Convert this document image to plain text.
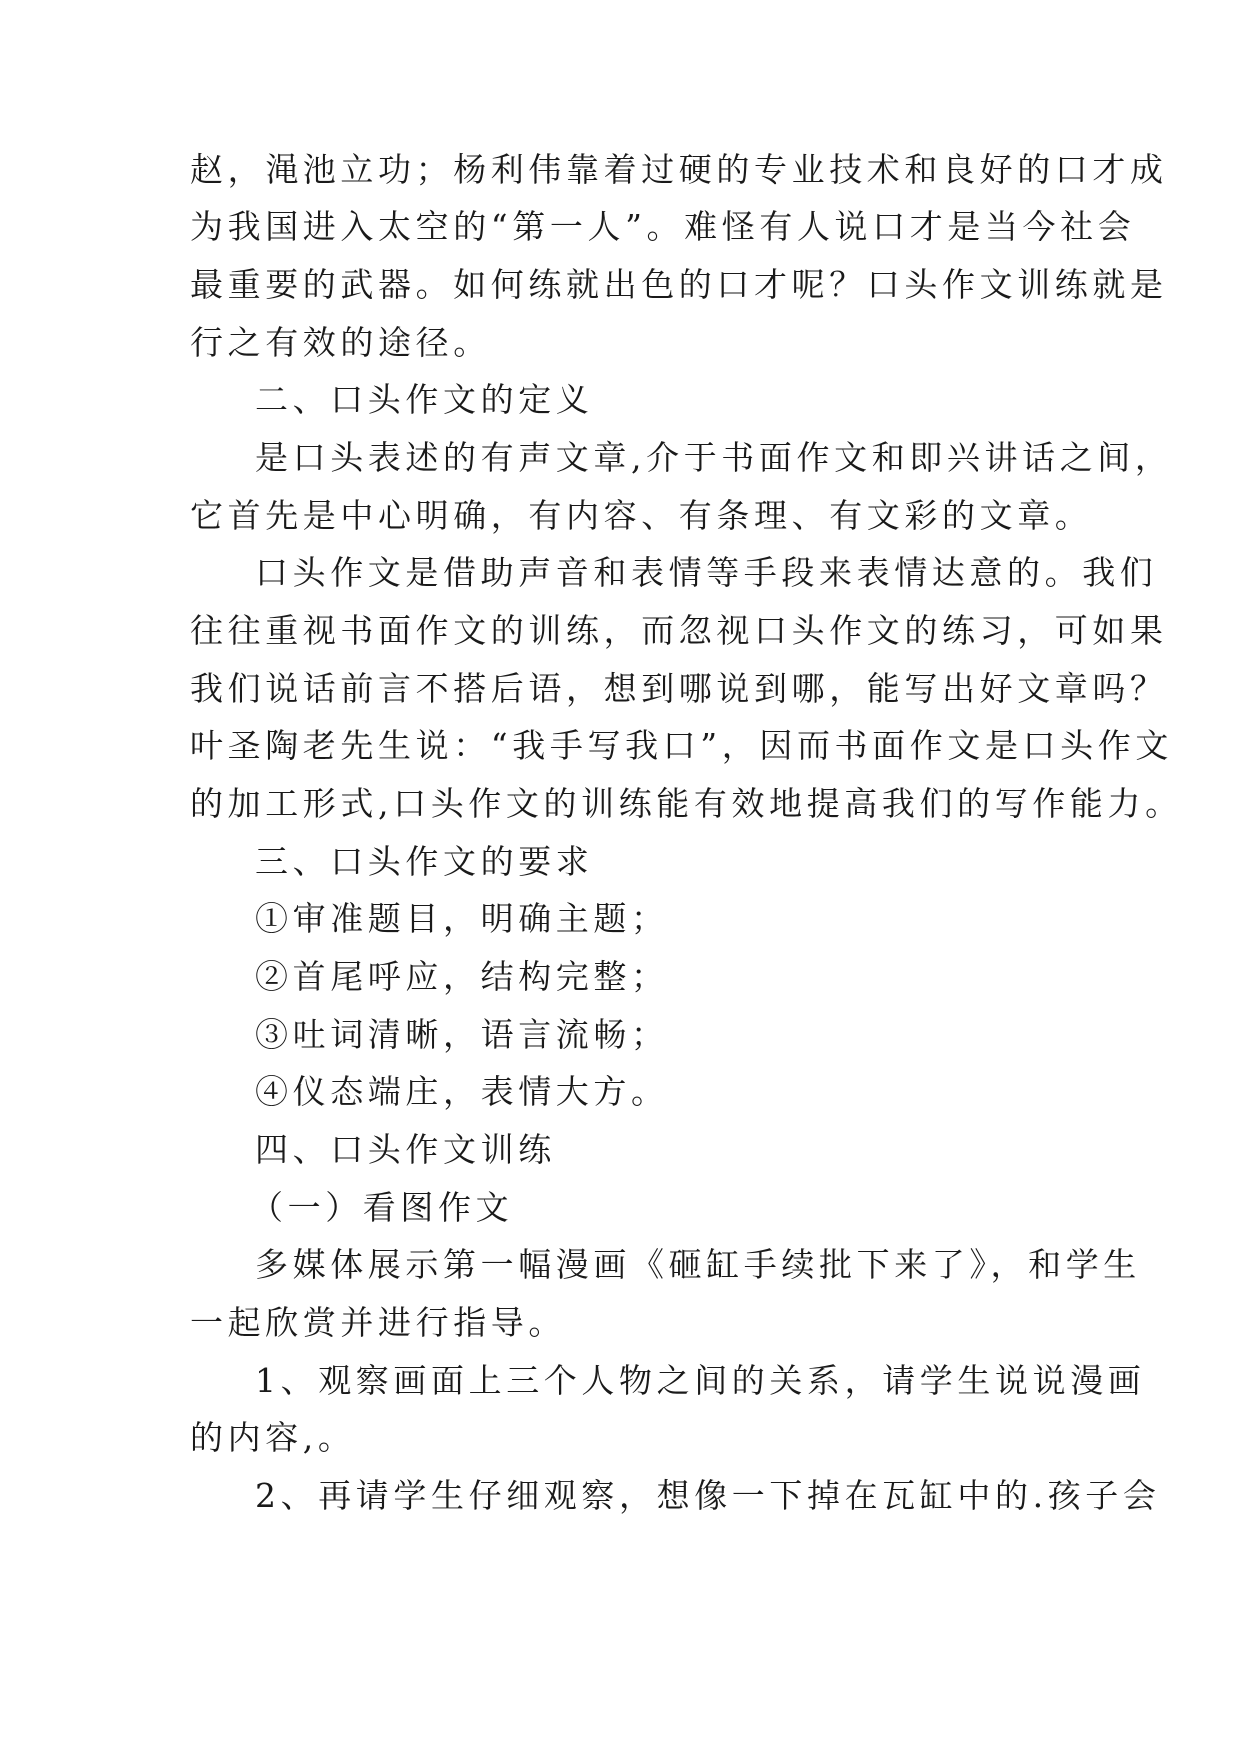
赵，渑池立功；杨利伟靠着过硬的专业技术和良好的口才成
为我国进入太空的“第一人”。难怪有人说口才是当今社会
最重要的武器。如何练就出色的口才呢？口头作文训练就是
行之有效的途径。
二、口头作文的定义
是口头表述的有声文章,介于书面作文和即兴讲话之间，
它首先是中心明确，有内容、有条理、有文彩的文章。
口头作文是借助声音和表情等手段来表情达意的。我们
往往重视书面作文的训练，而忽视口头作文的练习，可如果
我们说话前言不搭后语，想到哪说到哪，能写出好文章吗？
叶圣陶老先生说：“我手写我口”，因而书面作文是口头作文
的加工形式,口头作文的训练能有效地提高我们的写作能力。
三、口头作文的要求
①审准题目，明确主题；
②首尾呼应，结构完整；
③吐词清晰，语言流畅；
④仪态端庄，表情大方。
四、口头作文训练
（一）看图作文
多媒体展示第一幅漫画《砸缸手续批下来了》，和学生
一起欣赏并进行指导。
1、观察画面上三个人物之间的关系，请学生说说漫画
的内容,。
2、再请学生仔细观察，想像一下掉在瓦缸中的.孩子会
